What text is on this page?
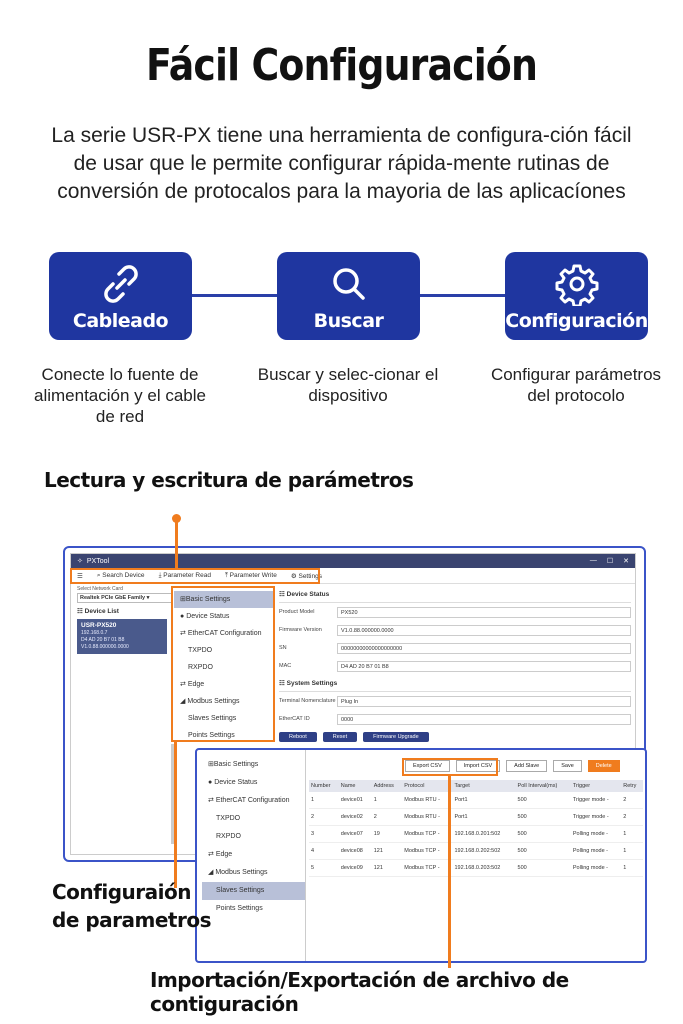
Fácil Configuración
La serie USR-PX tiene una herramienta de configura-ción fácil de usar que le permite configurar rápida-mente rutinas de conversión de protocalos para la mayoria de las aplicacíones
Cableado
Conecte lo fuente de alimentación y el cable de red
Buscar
Buscar y selec-cionar el dispositivo
Configuración
Configurar parámetros del protocolo
Lectura y escritura de parámetros
✧ PXTool	— ☐ ✕
☰ ⌕ Search Device ⤓ Parameter Read ⤒ Parameter Write ⚙ Settings
Select Network Card
Realtek PCIe GbE Family ▾
☷ Device List
USR-PX520
192.168.0.7
D4 AD 20 B7 01 B8
V1.0.88.000000.0000
⊞Basic Settings
● Device Status
⇄ EtherCAT Configuration
TXPDO
RXPDO
⇄ Edge
◢ Modbus Settings
Slaves Settings
Points Settings
☷ Device Status
Product Model	PX520
Firmware Version	V1.0.88.000000.0000
SN	00000000000000000000
MAC	D4 AD 20 B7 01 B8
☷ System Settings
Terminal Nomenclature Plug In
EtherCAT ID	0000
Reboot	Reset	Firmware Upgrade
⊞Basic Settings
● Device Status
⇄ EtherCAT Configuration
TXPDO
RXPDO
⇄ Edge
◢ Modbus Settings
Slaves Settings
Points Settings
Export CSV	Import CSV	Add Slave	Save	Delete
Number	Name	Address	Protocol	Target	Poll Interval(ms)	Trigger	Retry
1	device01	1	Modbus RTU -	Port1	500	Trigger mode -	2
2	device02	2	Modbus RTU -	Port1	500	Trigger mode -	2
3	device07	19	Modbus TCP -	192.168.0.201:502	500	Polling mode -	1
4	device08	121	Modbus TCP -	192.168.0.202:502	500	Polling mode -	1
5	device09	121	Modbus TCP -	192.168.0.203:502	500	Polling mode -	1
Configuraión
de parametros
Importación/Exportación de archivo de contiguración
